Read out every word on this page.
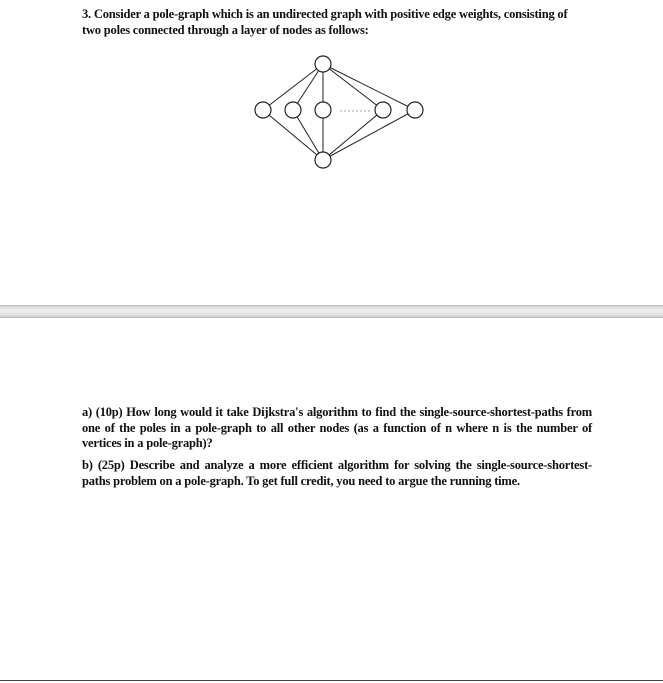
3. Consider a pole-graph which is an undirected graph with positive edge weights, consisting of

two poles connected through a layer of nodes as follows:

a) (10p) How long would it take Dijkstra's algorithm to find the single-source-shortest-paths from one of the poles in a pole-graph to all other nodes (as a function of n where n is the number of vertices in a pole-graph)?

b) (25p) Describe and analyze a more efficient algorithm for solving the single-source-shortest-paths problem on a pole-graph. To get full credit, you need to argue the running time.
